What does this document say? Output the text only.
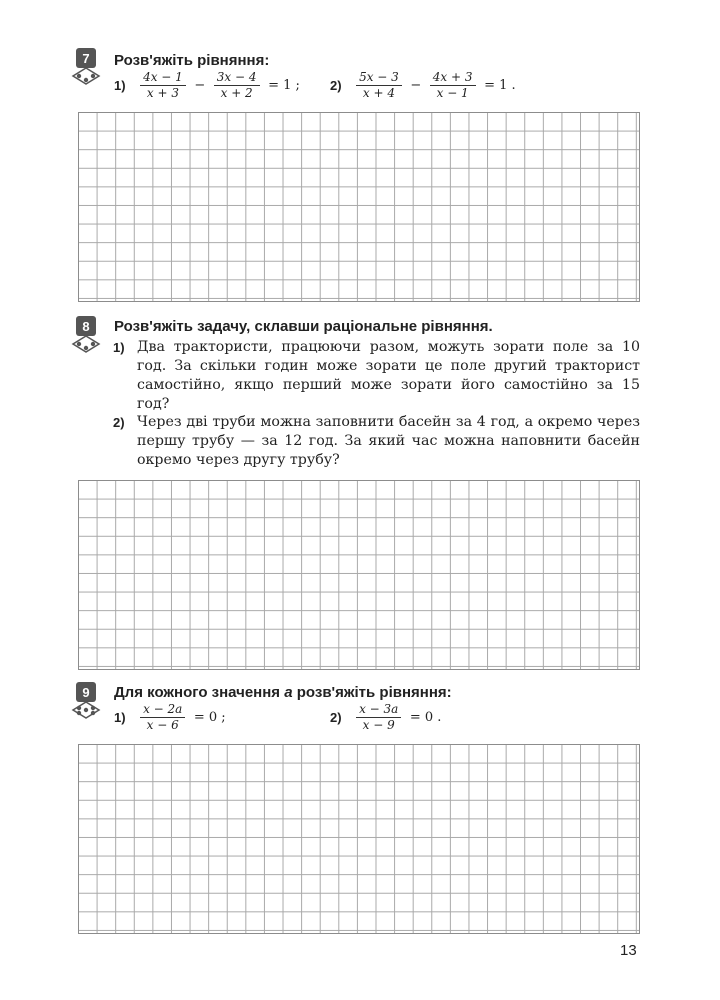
7 Розв'яжіть рівняння:
$1) \frac{4x - 1}{x + 3} - \frac{3x - 4}{x + 2} = 1$ ; $2) \frac{5x - 3}{x + 4} - \frac{4x + 3}{x - 1} = 1$ .
8 Розв'яжіть задачу, склавши раціональне рівняння.
1) Два трактористи, працюючи разом, можуть зорати поле за 10 год. За скільки годин може зорати це поле другий тракторист самостійно, якщо перший може зорати його самостійно за 15 год?
2) Через дві труби можна заповнити басейн за 4 год, а окремо через першу трубу — за 12 год. За який час можна наповнити басейн окремо через другу трубу?
9 Для кожного значення a розв'яжіть рівняння:
$1) \frac{x - 2a}{x - 6} = 0$ ;	$2) \frac{x - 3a}{x - 9} = 0$ .
13
